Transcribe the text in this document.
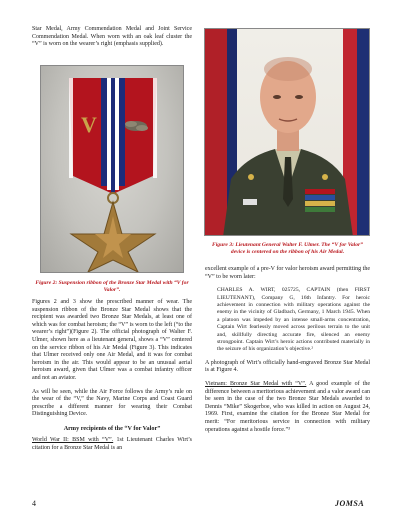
Star Medal, Army Commendation Medal and Joint Service Commendation Medal. When worn with an oak leaf cluster the “V” is worn on the wearer’s right (emphasis supplied).

V

Figure 2: Suspension ribbon of the Bronze Star Medal with “V for Valor”.

Figures 2 and 3 show the prescribed manner of wear. The suspension ribbon of the Bronze Star Medal shows that the recipient was awarded two Bronze Star Medals, at least one of which was for combat heroism; the “V” is worn to the left (“to the wearer’s right”)(Figure 2). The official photograph of Walter F. Ulmer, shown here as a lieutenant general, shows a “V” centered on the service ribbon of his Air Medal (Figure 3). This indicates that Ulmer received only one Air Medal, and it was for combat heroism in the air. This would appear to be an unusual aerial heroism award, given that Ulmer was a combat infantry officer and not an aviator.

As will be seen, while the Air Force follows the Army’s rule on the wear of the “V,” the Navy, Marine Corps and Coast Guard prescribe a different manner for wearing their Combat Distinguishing Device.

Army recipients of the “V for Valor”

World War II: BSM with “V”. 1st Lieutenant Charles Wirt’s citation for a Bronze Star Medal is an

Figure 3: Lieutenant General Walter F. Ulmer. The “V for Valor” device is centered on the ribbon of his Air Medal.

excellent example of a pre-V for valor heroism award permitting the “V” to be worn later:

CHARLES A. WIRT, 025725, CAPTAIN (then FIRST LIEUTENANT), Company G, 16th Infantry. For heroic achievement in connection with military operations against the enemy in the vicinity of Gladbach, Germany, 1 March 1945. When a platoon was impeded by an intense small-arms concentration, Captain Wirt fearlessly moved across perilous terrain to the unit and, skillfully directing accurate fire, silenced an enemy strongpoint. Captain Wirt’s heroic actions contributed materially in the seizure of his organization’s objective.²

A photograph of Wirt’s officially hand-engraved Bronze Star Medal is at Figure 4.

Vietnam: Bronze Star Medal with “V”. A good example of the difference between a meritorious achievement and a valor award can be seen in the case of the two Bronze Star Medals awarded to Dennis “Mike” Skogerboe, who was killed in action on August 24, 1969. First, examine the citation for the Bronze Star Medal for merit: “For meritorious service in connection with military operations against a hostile force.”³

4	JOMSA
